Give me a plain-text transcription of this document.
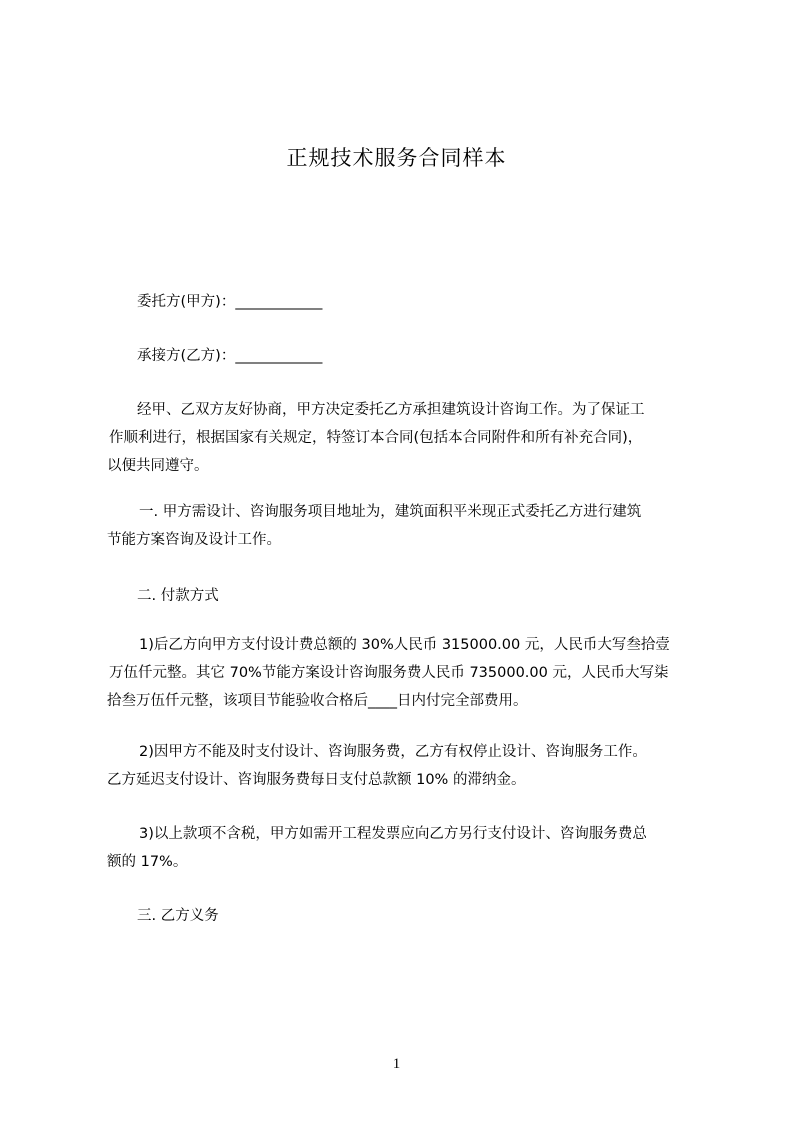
正规技术服务合同样本
委托方(甲方)：____________
承接方(乙方)：____________
经甲、乙双方友好协商，甲方决定委托乙方承担建筑设计咨询工作。为了保证工
作顺利进行，根据国家有关规定，特签订本合同(包括本合同附件和所有补充合同)，
以便共同遵守。
一. 甲方需设计、咨询服务项目地址为，建筑面积平米现正式委托乙方进行建筑
节能方案咨询及设计工作。
二. 付款方式
1)后乙方向甲方支付设计费总额的 30%人民币 315000.00 元，人民币大写叁拾壹
万伍仟元整。其它 70%节能方案设计咨询服务费人民币 735000.00 元，人民币大写柒
拾叁万伍仟元整，该项目节能验收合格后____日内付完全部费用。
2)因甲方不能及时支付设计、咨询服务费，乙方有权停止设计、咨询服务工作。
乙方延迟支付设计、咨询服务费每日支付总款额 10% 的滞纳金。
3)以上款项不含税，甲方如需开工程发票应向乙方另行支付设计、咨询服务费总
额的 17%。
三. 乙方义务
1
